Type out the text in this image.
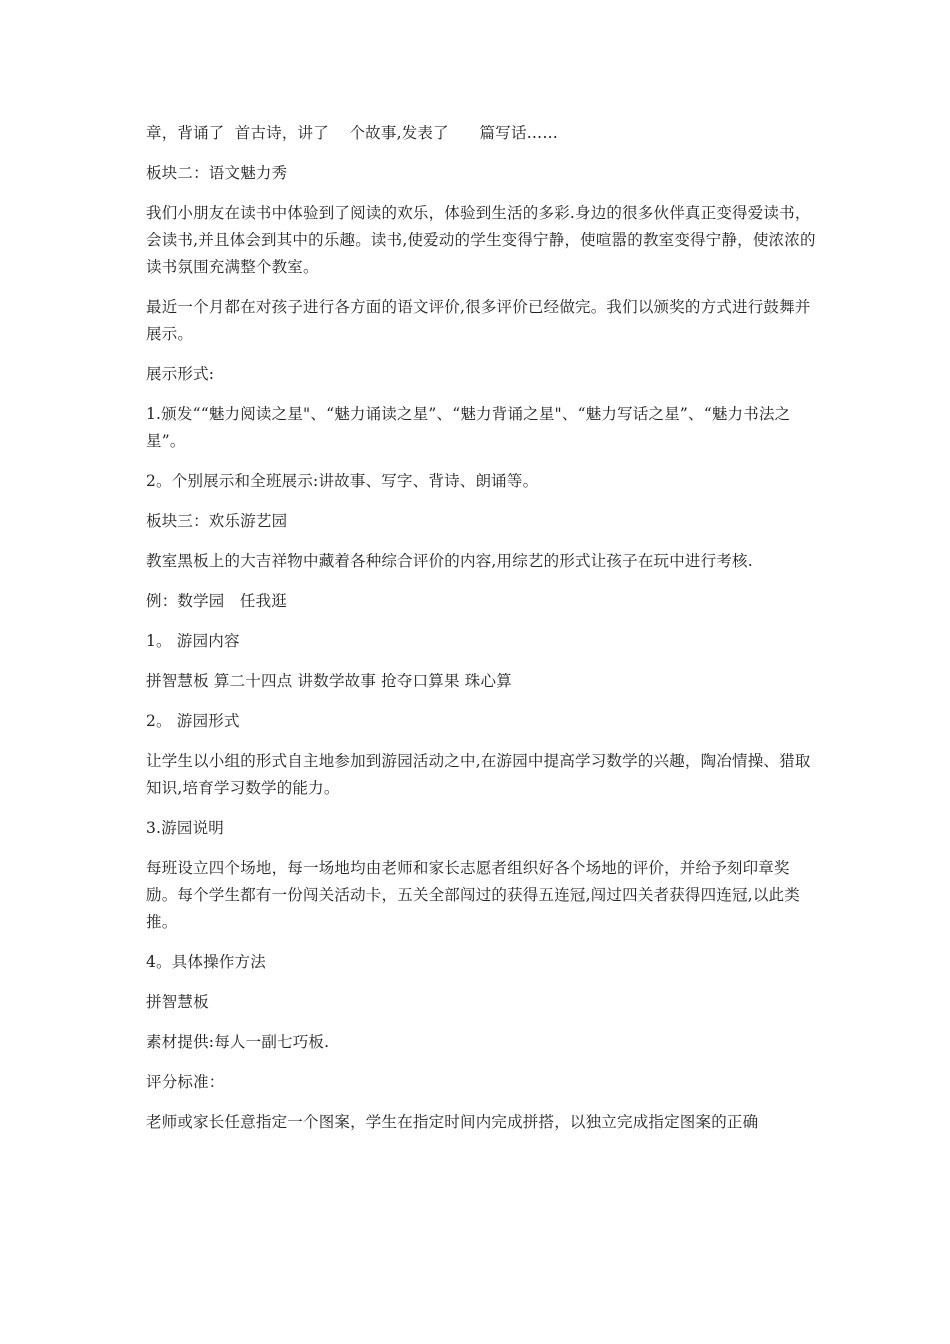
章，背诵了  首古诗，讲了    个故事,发表了      篇写话……

板块二：语文魅力秀

我们小朋友在读书中体验到了阅读的欢乐，体验到生活的多彩.身边的很多伙伴真正变得爱读书，会读书,并且体会到其中的乐趣。读书,使爱动的学生变得宁静，使喧嚣的教室变得宁静，使浓浓的读书氛围充满整个教室。

最近一个月都在对孩子进行各方面的语文评价,很多评价已经做完。我们以颁奖的方式进行鼓舞并展示。

展示形式:

1.颁发““魅力阅读之星"、“魅力诵读之星”、“魅力背诵之星"、“魅力写话之星”、“魅力书法之星”。

2。个别展示和全班展示:讲故事、写字、背诗、朗诵等。

板块三：欢乐游艺园

教室黑板上的大吉祥物中藏着各种综合评价的内容,用综艺的形式让孩子在玩中进行考核.

例：数学园   任我逛

1。 游园内容

拼智慧板 算二十四点 讲数学故事 抢夺口算果 珠心算

2。 游园形式

让学生以小组的形式自主地参加到游园活动之中,在游园中提高学习数学的兴趣，陶冶情操、猎取知识,培育学习数学的能力。

3.游园说明

每班设立四个场地，每一场地均由老师和家长志愿者组织好各个场地的评价，并给予刻印章奖励。每个学生都有一份闯关活动卡，五关全部闯过的获得五连冠,闯过四关者获得四连冠,以此类推。

4。具体操作方法

拼智慧板

素材提供:每人一副七巧板.

评分标准：

老师或家长任意指定一个图案，学生在指定时间内完成拼搭，以独立完成指定图案的正确
